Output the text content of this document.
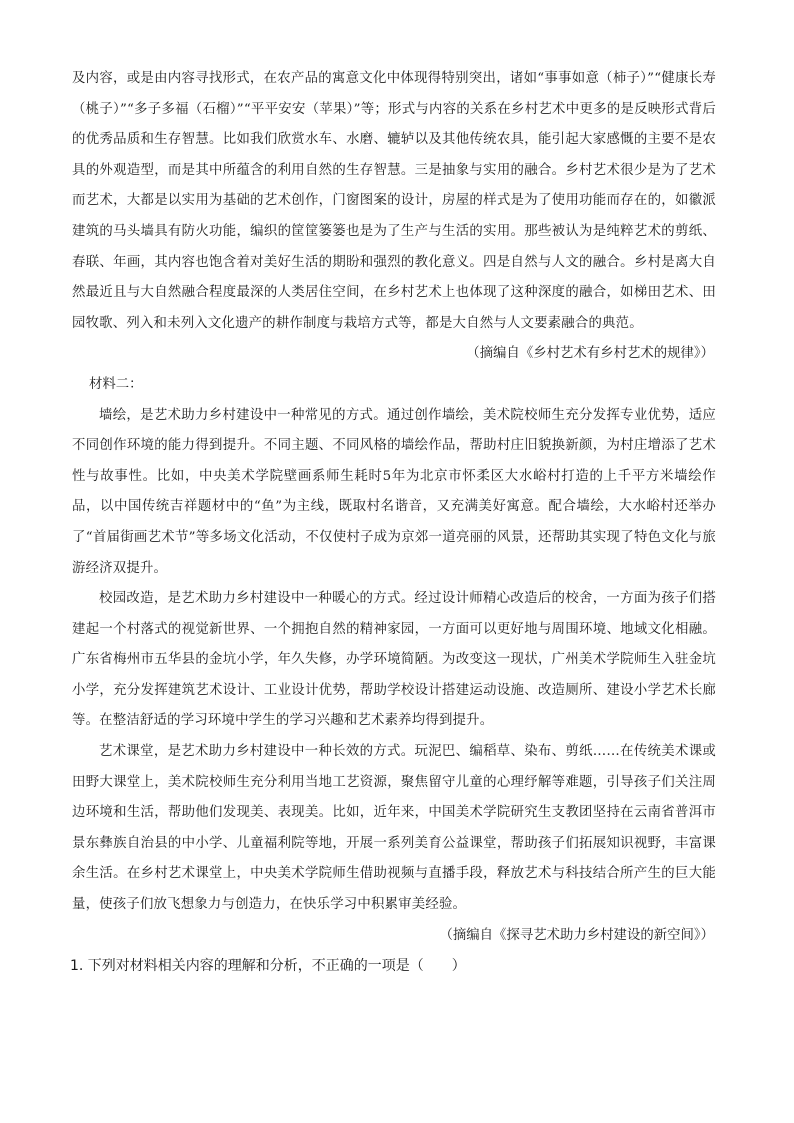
及内容，或是由内容寻找形式，在农产品的寓意文化中体现得特别突出，诸如“事事如意（柿子）”“健康长寿（桃子）”“多子多福（石榴）”“平平安安（苹果）”等；形式与内容的关系在乡村艺术中更多的是反映形式背后的优秀品质和生存智慧。比如我们欣赏水车、水磨、辘轳以及其他传统农具，能引起大家感慨的主要不是农具的外观造型，而是其中所蕴含的利用自然的生存智慧。三是抽象与实用的融合。乡村艺术很少是为了艺术而艺术，大都是以实用为基础的艺术创作，门窗图案的设计，房屋的样式是为了使用功能而存在的，如徽派建筑的马头墙具有防火功能，编织的筐筐篓篓也是为了生产与生活的实用。那些被认为是纯粹艺术的剪纸、春联、年画，其内容也饱含着对美好生活的期盼和强烈的教化意义。四是自然与人文的融合。乡村是离大自然最近且与大自然融合程度最深的人类居住空间，在乡村艺术上也体现了这种深度的融合，如梯田艺术、田园牧歌、列入和未列入文化遗产的耕作制度与栽培方式等，都是大自然与人文要素融合的典范。

（摘编自《乡村艺术有乡村艺术的规律》）

材料二：

墙绘，是艺术助力乡村建设中一种常见的方式。通过创作墙绘，美术院校师生充分发挥专业优势，适应不同创作环境的能力得到提升。不同主题、不同风格的墙绘作品，帮助村庄旧貌换新颜，为村庄增添了艺术性与故事性。比如，中央美术学院壁画系师生耗时5年为北京市怀柔区大水峪村打造的上千平方米墙绘作品，以中国传统吉祥题材中的“鱼”为主线，既取村名谐音，又充满美好寓意。配合墙绘，大水峪村还举办了“首届街画艺术节”等多场文化活动，不仅使村子成为京郊一道亮丽的风景，还帮助其实现了特色文化与旅游经济双提升。

校园改造，是艺术助力乡村建设中一种暖心的方式。经过设计师精心改造后的校舍，一方面为孩子们搭建起一个村落式的视觉新世界、一个拥抱自然的精神家园，一方面可以更好地与周围环境、地域文化相融。广东省梅州市五华县的金坑小学，年久失修，办学环境简陋。为改变这一现状，广州美术学院师生入驻金坑小学，充分发挥建筑艺术设计、工业设计优势，帮助学校设计搭建运动设施、改造厕所、建设小学艺术长廊等。在整洁舒适的学习环境中学生的学习兴趣和艺术素养均得到提升。

艺术课堂，是艺术助力乡村建设中一种长效的方式。玩泥巴、编稻草、染布、剪纸……在传统美术课或田野大课堂上，美术院校师生充分利用当地工艺资源，聚焦留守儿童的心理纾解等难题，引导孩子们关注周边环境和生活，帮助他们发现美、表现美。比如，近年来，中国美术学院研究生支教团坚持在云南省普洱市景东彝族自治县的中小学、儿童福利院等地，开展一系列美育公益课堂，帮助孩子们拓展知识视野，丰富课余生活。在乡村艺术课堂上，中央美术学院师生借助视频与直播手段，释放艺术与科技结合所产生的巨大能量，使孩子们放飞想象力与创造力，在快乐学习中积累审美经验。

（摘编自《探寻艺术助力乡村建设的新空间》）

1. 下列对材料相关内容的理解和分析，不正确的一项是（　　）
